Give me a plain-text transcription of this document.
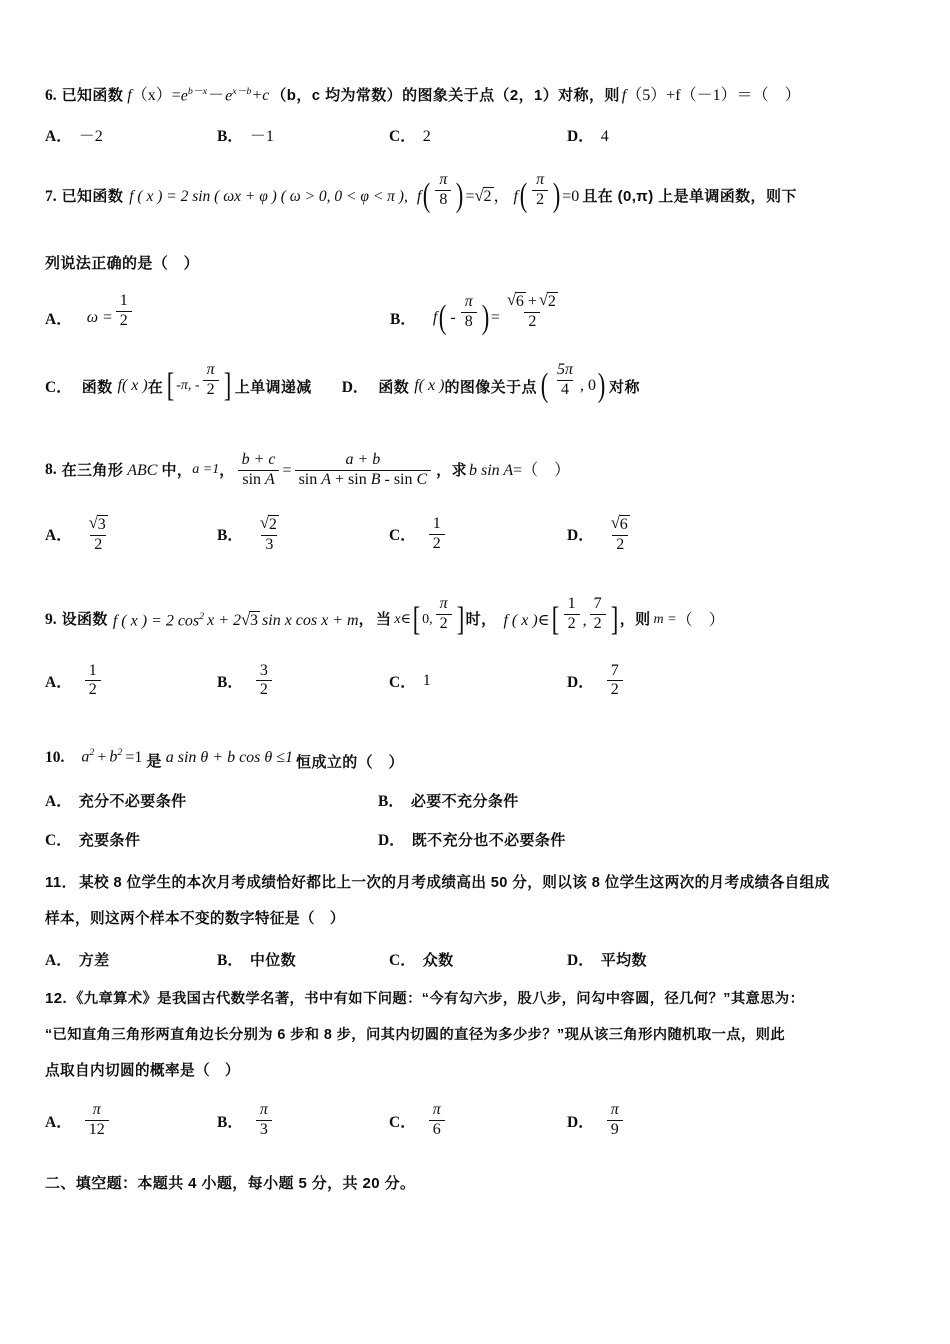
6. 已知函数 f $(x) = e^{b-x} - e^{x-b} +c$ （b，c 均为常数）的图象关于点（2，1）对称，则 f （5）+f（－1）＝（　）
A． －2	B． －1	C． 2	D． 4
7. 已知函数 f ( x ) = 2 sin ( ωx + φ ) ( ω > 0, 0 < φ < π ), f ( $\frac{\pi}{8}$ ) = √ 2 ， f ( $\frac{\pi}{2}$ ) =0 且在 (0,π) 上是单调函数，则下
列说法正确的是（　）
A． $\omega = \frac{1}{2}$	B． f ( - $\frac{\pi}{8}$ ) = √ $\frac{6 + √ 2}{2}$
C． 函数 f ( x ) 在 [ -π, - $\frac{\pi}{2}$ ] 上单调递减 D． 函数 f ( x ) 的图像关于点 ( $\frac{5\pi}{4}$ , 0 ) 对称
8. 在三角形 ABC 中， a =1 ， $\frac{b + c}{\text{sin A}} = \frac{a + b}{\text{sin A + sin B - sin C}}$ ，求 b sin A =（　）
A． √ $\frac{3}{2}$	B． √ $\frac{2}{3}$	C． $\frac{1}{2}$	D． √ $\frac{6}{2}$
9. 设函数 f ( x ) = 2 $\cos^2 x + 2$ √ 3 sin x cos x + m ， 当 x∈ [ 0, $\frac{\pi}{2}$ ] 时， f ( x )∈ [ $\frac{1}{2}$ , $\frac{7}{2}$ ] ，则 m = （　）
A． $\frac{1}{2}$	B． $\frac{3}{2}$	C． 1	D． $\frac{7}{2}$
10. $a^2 + b^2 =1$ 是 a sin θ + b cos θ ≤1 恒成立的（　）
A． 充分不必要条件	B． 必要不充分条件
C． 充要条件	D． 既不充分也不必要条件
11． 某校 8 位学生的本次月考成绩恰好都比上一次的月考成绩高出 50 分，则以该 8 位学生这两次的月考成绩各自组成
样本，则这两个样本不变的数字特征是（　）
A． 方差	B． 中位数	C． 众数	D． 平均数
12. 《九章算术》是我国古代数学名著，书中有如下问题：“今有勾六步，股八步，问勾中容圆，径几何？”其意思为：
“已知直角三角形两直角边长分别为 6 步和 8 步，问其内切圆的直径为多少步？”现从该三角形内随机取一点，则此
点取自内切圆的概率是（　）
A． $\frac{\pi}{12}$	B． $\frac{\pi}{3}$	C． $\frac{\pi}{6}$	D． $\frac{\pi}{9}$
二、填空题：本题共 4 小题，每小题 5 分，共 20 分。
